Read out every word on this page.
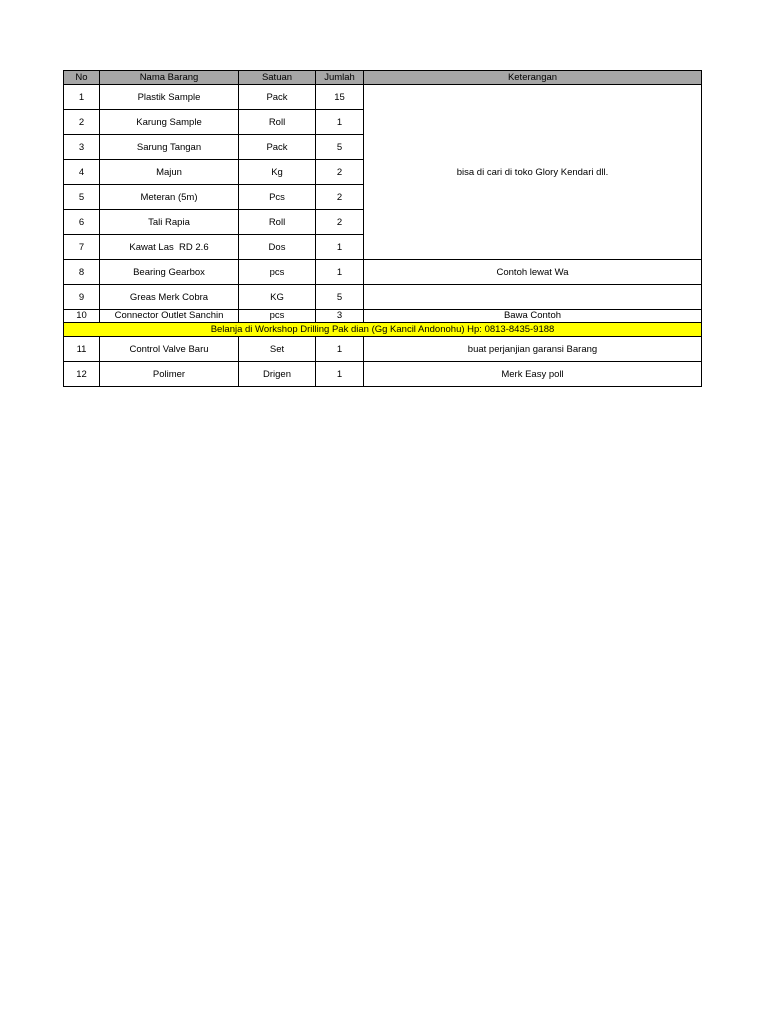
No	Nama Barang	Satuan	Jumlah	Keterangan
1	Plastik Sample	Pack	15	bisa di cari di toko Glory Kendari dll.
2	Karung Sample	Roll	1	
3	Sarung Tangan	Pack	5	
4	Majun	Kg	2	
5	Meteran (5m)	Pcs	2	
6	Tali Rapia	Roll	2	
7	Kawat Las  RD 2.6	Dos	1	
8	Bearing Gearbox	pcs	1	Contoh lewat Wa
9	Greas Merk Cobra	KG	5	
10	Connector Outlet Sanchin	pcs	3	Bawa Contoh
Belanja di Workshop Drilling Pak dian (Gg Kancil Andonohu) Hp: 0813-8435-9188				
11	Control Valve Baru	Set	1	buat perjanjian garansi Barang
12	Polimer	Drigen	1	Merk Easy poll
